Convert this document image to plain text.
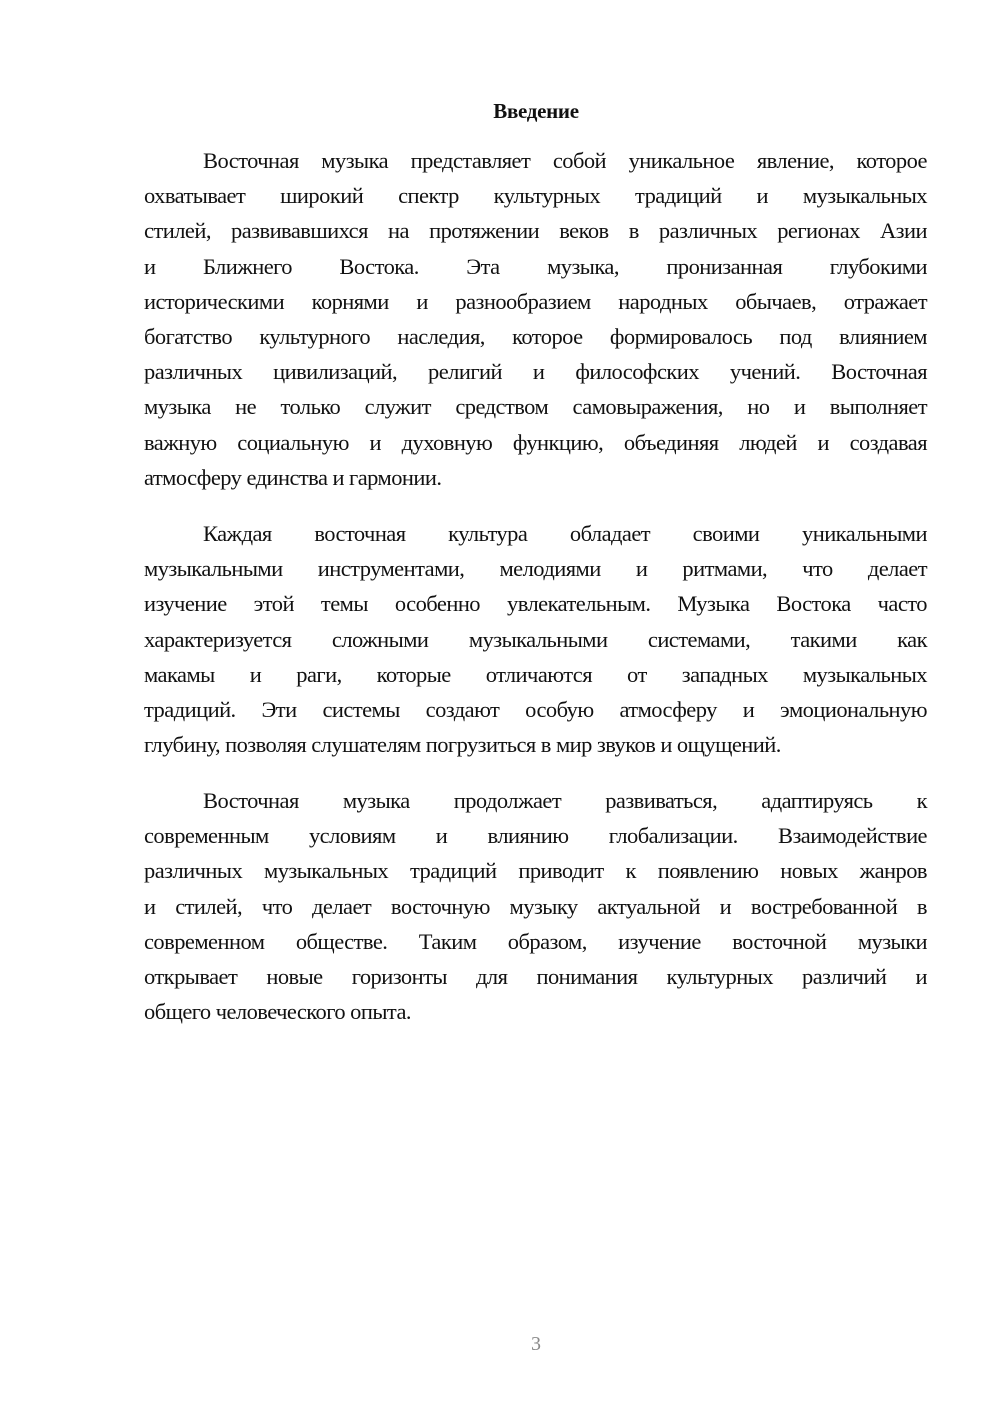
Введение
Восточная музыка представляет собой уникальное явление, которое
охватывает широкий спектр культурных традиций и музыкальных
стилей, развивавшихся на протяжении веков в различных регионах Азии
и Ближнего Востока. Эта музыка, пронизанная глубокими
историческими корнями и разнообразием народных обычаев, отражает
богатство культурного наследия, которое формировалось под влиянием
различных цивилизаций, религий и философских учений. Восточная
музыка не только служит средством самовыражения, но и выполняет
важную социальную и духовную функцию, объединяя людей и создавая
атмосферу единства и гармонии.
Каждая восточная культура обладает своими уникальными
музыкальными инструментами, мелодиями и ритмами, что делает
изучение этой темы особенно увлекательным. Музыка Востока часто
характеризуется сложными музыкальными системами, такими как
макамы и раги, которые отличаются от западных музыкальных
традиций. Эти системы создают особую атмосферу и эмоциональную
глубину, позволяя слушателям погрузиться в мир звуков и ощущений.
Восточная музыка продолжает развиваться, адаптируясь к
современным условиям и влиянию глобализации. Взаимодействие
различных музыкальных традиций приводит к появлению новых жанров
и стилей, что делает восточную музыку актуальной и востребованной в
современном обществе. Таким образом, изучение восточной музыки
открывает новые горизонты для понимания культурных различий и
общего человеческого опыта.
3
